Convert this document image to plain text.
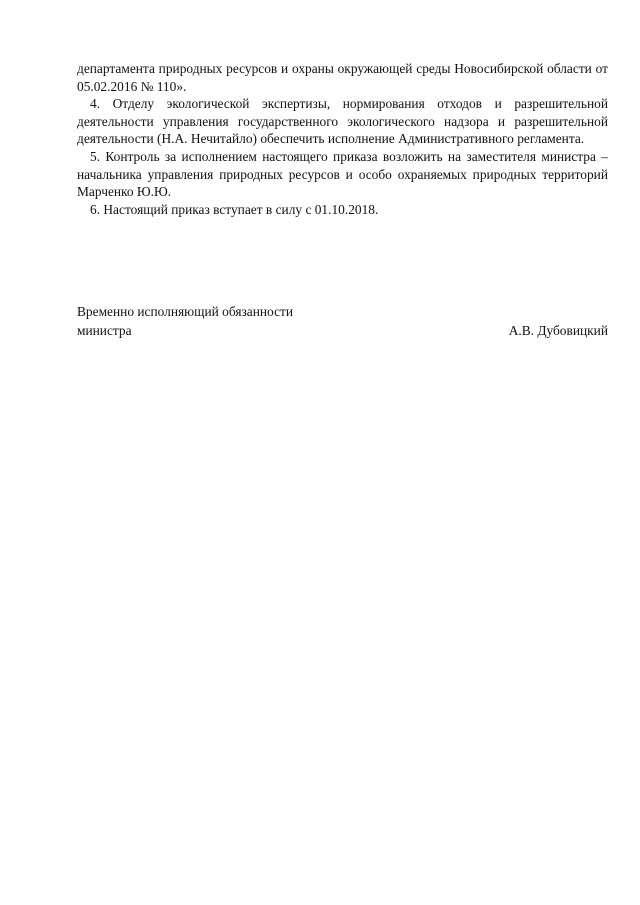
департамента природных ресурсов и охраны окружающей среды Новосибирской области от 05.02.2016 № 110».

4. Отделу экологической экспертизы, нормирования отходов и разрешительной деятельности управления государственного экологического надзора и разрешительной деятельности (Н.А. Нечитайло) обеспечить исполнение Административного регламента.

5. Контроль за исполнением настоящего приказа возложить на заместителя министра – начальника управления природных ресурсов и особо охраняемых природных территорий Марченко Ю.Ю.

6. Настоящий приказ вступает в силу с 01.10.2018.

Временно исполняющий обязанности
министра	А.В. Дубовицкий
